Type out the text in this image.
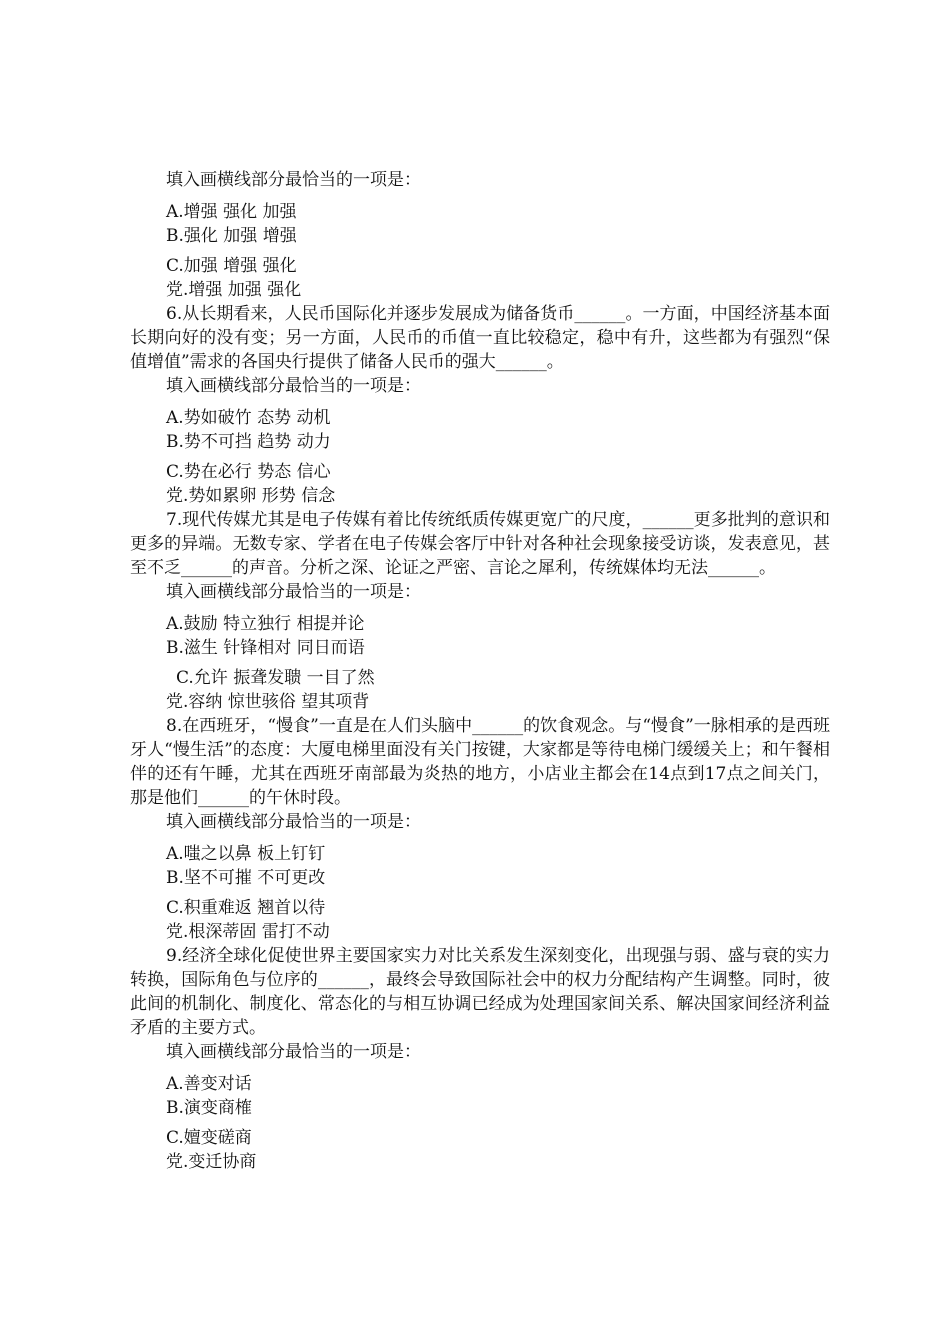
填入画横线部分最恰当的一项是：

A.增强 强化 加强

B.强化 加强 增强

C.加强 增强 强化

党.增强 加强 强化

6.从长期看来，人民币国际化并逐步发展成为储备货币______。一方面，中国经济基本面长期向好的没有变；另一方面，人民币的币值一直比较稳定，稳中有升，这些都为有强烈“保值增值”需求的各国央行提供了储备人民币的强大______。

填入画横线部分最恰当的一项是：

A.势如破竹 态势 动机

B.势不可挡 趋势 动力

C.势在必行 势态 信心

党.势如累卵 形势 信念

7.现代传媒尤其是电子传媒有着比传统纸质传媒更宽广的尺度，______更多批判的意识和更多的异端。无数专家、学者在电子传媒会客厅中针对各种社会现象接受访谈，发表意见，甚至不乏______的声音。分析之深、论证之严密、言论之犀利，传统媒体均无法______。

填入画横线部分最恰当的一项是：

A.鼓励 特立独行 相提并论

B.滋生 针锋相对 同日而语

C.允许 振聋发聩 一目了然

党.容纳 惊世骇俗 望其项背

8.在西班牙，“慢食”一直是在人们头脑中______的饮食观念。与“慢食”一脉相承的是西班牙人“慢生活”的态度：大厦电梯里面没有关门按键，大家都是等待电梯门缓缓关上；和午餐相伴的还有午睡，尤其在西班牙南部最为炎热的地方，小店业主都会在14点到17点之间关门，那是他们______的午休时段。

填入画横线部分最恰当的一项是：

A.嗤之以鼻 板上钉钉

B.坚不可摧 不可更改

C.积重难返 翘首以待

党.根深蒂固 雷打不动

9.经济全球化促使世界主要国家实力对比关系发生深刻变化，出现强与弱、盛与衰的实力转换，国际角色与位序的______，最终会导致国际社会中的权力分配结构产生调整。同时，彼此间的机制化、制度化、常态化的与相互协调已经成为处理国家间关系、解决国家间经济利益矛盾的主要方式。

填入画横线部分最恰当的一项是：

A.善变对话

B.演变商榷

C.嬗变磋商

党.变迁协商
